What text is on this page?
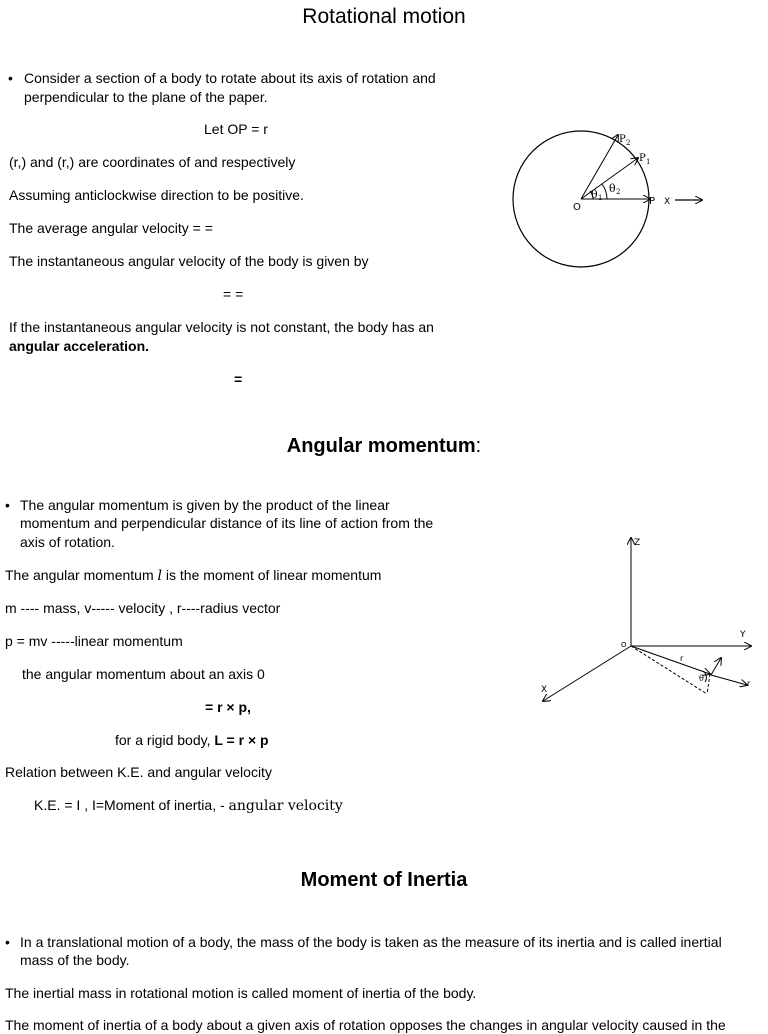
Rotational motion
• Consider a section of a body to rotate about its axis of rotation and
perpendicular to the plane of the paper.
Let OP = r
(r,) and (r,) are coordinates of and respectively
Assuming anticlockwise direction to be positive.
The average angular velocity = =
The instantaneous angular velocity of the body is given by
= =
If the instantaneous angular velocity is not constant, the body has an
angular acceleration.
=
P 2
P 1
θ 1
θ 2
O
P X
Angular momentum:
• The angular momentum is given by the product of the linear
momentum and perpendicular distance of its line of action from the
axis of rotation.
The angular momentum l is the moment of linear momentum
m ---- mass, v----- velocity , r----radius vector
p = mv -----linear momentum
the angular momentum about an axis 0
= r × p,
for a rigid body, L = r × p
Relation between K.E. and angular velocity
K.E. = I , I=Moment of inertia, - angular velocity
Z
Y
X
O
r
θ
r
Moment of Inertia
• In a translational motion of a body, the mass of the body is taken as the measure of its inertia and is called inertial
mass of the body.
The inertial mass in rotational motion is called moment of inertia of the body.
The moment of inertia of a body about a given axis of rotation opposes the changes in angular velocity caused in the
